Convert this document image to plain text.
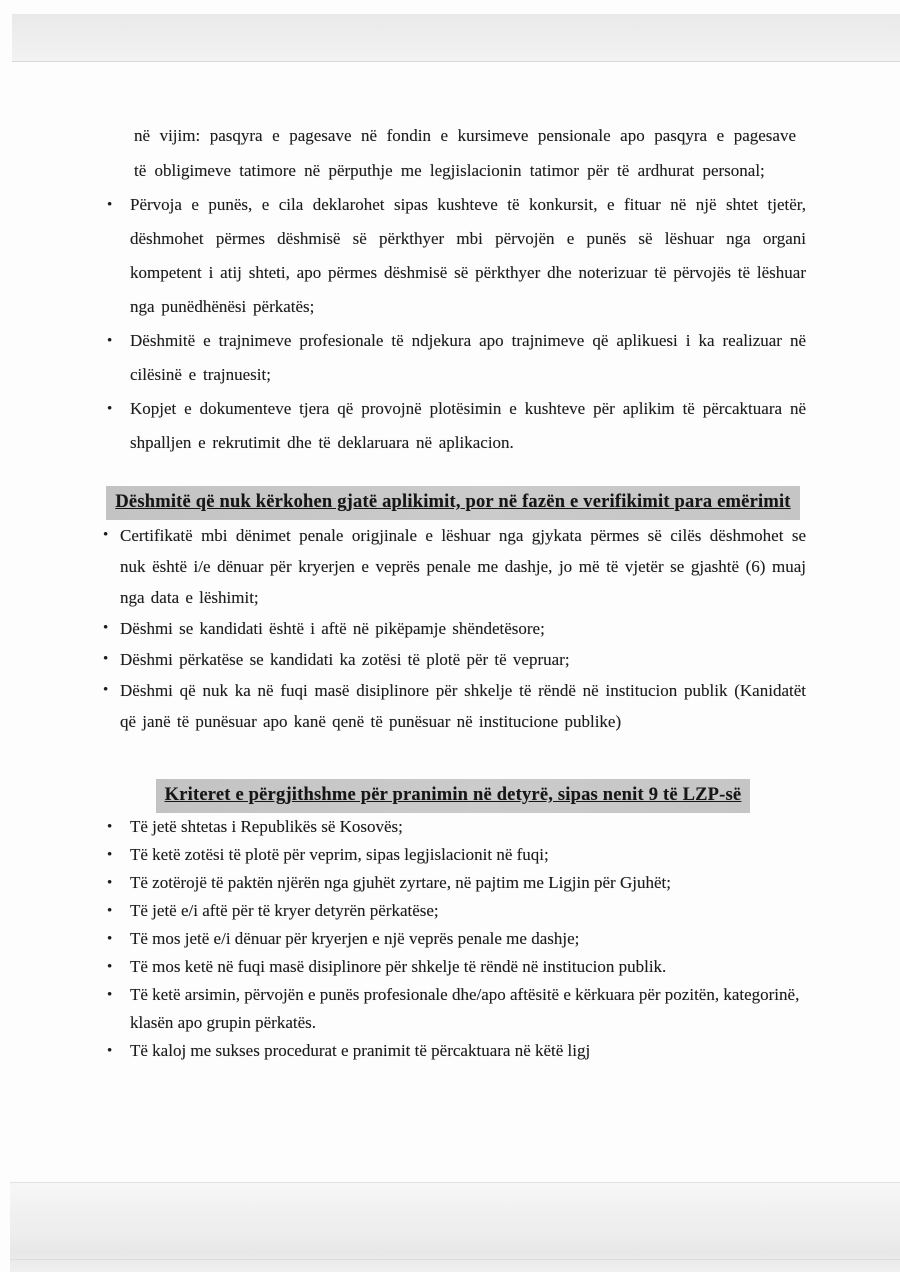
në vijim: pasqyra e pagesave në fondin e kursimeve pensionale apo pasqyra e pagesave të obligimeve tatimore në përputhje me legjislacionin tatimor për të ardhurat personal;

• Përvoja e punës, e cila deklarohet sipas kushteve të konkursit, e fituar në një shtet tjetër, dëshmohet përmes dëshmisë së përkthyer mbi përvojën e punës së lëshuar nga organi kompetent i atij shteti, apo përmes dëshmisë së përkthyer dhe noterizuar të përvojës të lëshuar nga punëdhënësi përkatës;
• Dëshmitë e trajnimeve profesionale të ndjekura apo trajnimeve që aplikuesi i ka realizuar në cilësinë e trajnuesit;
• Kopjet e dokumenteve tjera që provojnë plotësimin e kushteve për aplikim të përcaktuara në shpalljen e rekrutimit dhe të deklaruara në aplikacion.
Dëshmitë që nuk kërkohen gjatë aplikimit, por në fazën e verifikimit para emërimit
• Certifikatë mbi dënimet penale origjinale e lëshuar nga gjykata përmes së cilës dëshmohet se nuk është i/e dënuar për kryerjen e veprës penale me dashje, jo më të vjetër se gjashtë (6) muaj nga data e lëshimit;
• Dëshmi se kandidati është i aftë në pikëpamje shëndetësore;
• Dëshmi përkatëse se kandidati ka zotësi të plotë për të vepruar;
• Dëshmi që nuk ka në fuqi masë disiplinore për shkelje të rëndë në institucion publik (Kanidatët që janë të punësuar apo kanë qenë të punësuar në institucione publike)
Kriteret e përgjithshme për pranimin në detyrë, sipas nenit 9 të LZP-së
• Të jetë shtetas i Republikës së Kosovës;
• Të ketë zotësi të plotë për veprim, sipas legjislacionit në fuqi;
• Të zotërojë të paktën njërën nga gjuhët zyrtare, në pajtim me Ligjin për Gjuhët;
• Të jetë e/i aftë për të kryer detyrën përkatëse;
• Të mos jetë e/i dënuar për kryerjen e një veprës penale me dashje;
• Të mos ketë në fuqi masë disiplinore për shkelje të rëndë në institucion publik.
• Të ketë arsimin, përvojën e punës profesionale dhe/apo aftësitë e kërkuara për pozitën, kategorinë, klasën apo grupin përkatës.
• Të kaloj me sukses procedurat e pranimit të përcaktuara në këtë ligj
